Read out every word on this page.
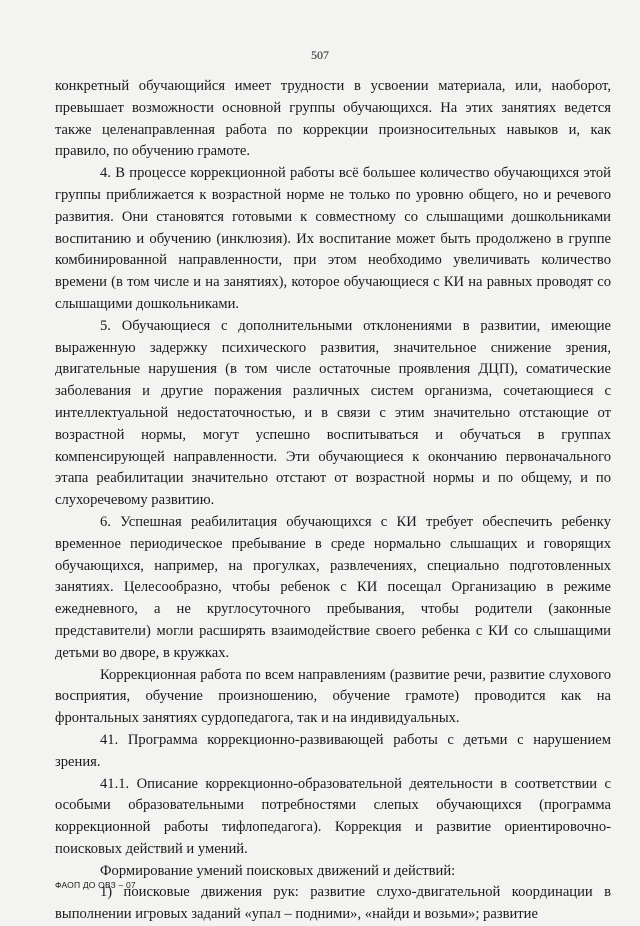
507

конкретный обучающийся имеет трудности в усвоении материала, или, наоборот, превышает возможности основной группы обучающихся. На этих занятиях ведется также целенаправленная работа по коррекции произносительных навыков и, как правило, по обучению грамоте.

4. В процессе коррекционной работы всё большее количество обучающихся этой группы приближается к возрастной норме не только по уровню общего, но и речевого развития. Они становятся готовыми к совместному со слышащими дошкольниками воспитанию и обучению (инклюзия). Их воспитание может быть продолжено в группе комбинированной направленности, при этом необходимо увеличивать количество времени (в том числе и на занятиях), которое обучающиеся с КИ на равных проводят со слышащими дошкольниками.

5. Обучающиеся с дополнительными отклонениями в развитии, имеющие выраженную задержку психического развития, значительное снижение зрения, двигательные нарушения (в том числе остаточные проявления ДЦП), соматические заболевания и другие поражения различных систем организма, сочетающиеся с интеллектуальной недостаточностью, и в связи с этим значительно отстающие от возрастной нормы, могут успешно воспитываться и обучаться в группах компенсирующей направленности. Эти обучающиеся к окончанию первоначального этапа реабилитации значительно отстают от возрастной нормы и по общему, и по слухоречевому развитию.

6. Успешная реабилитация обучающихся с КИ требует обеспечить ребенку временное периодическое пребывание в среде нормально слышащих и говорящих обучающихся, например, на прогулках, развлечениях, специально подготовленных занятиях. Целесообразно, чтобы ребенок с КИ посещал Организацию в режиме ежедневного, а не круглосуточного пребывания, чтобы родители (законные представители) могли расширять взаимодействие своего ребенка с КИ со слышащими детьми во дворе, в кружках.

Коррекционная работа по всем направлениям (развитие речи, развитие слухового восприятия, обучение произношению, обучение грамоте) проводится как на фронтальных занятиях сурдопедагога, так и на индивидуальных.

41. Программа коррекционно-развивающей работы с детьми с нарушением зрения.

41.1. Описание коррекционно-образовательной деятельности в соответствии с особыми образовательными потребностями слепых обучающихся (программа коррекционной работы тифлопедагога). Коррекция и развитие ориентировочно-поисковых действий и умений.

Формирование умений поисковых движений и действий:

1) поисковые движения рук: развитие слухо-двигательной координации в выполнении игровых заданий «упал – подними», «найди и возьми»; развитие

ФАОП ДО ОВЗ – 07
